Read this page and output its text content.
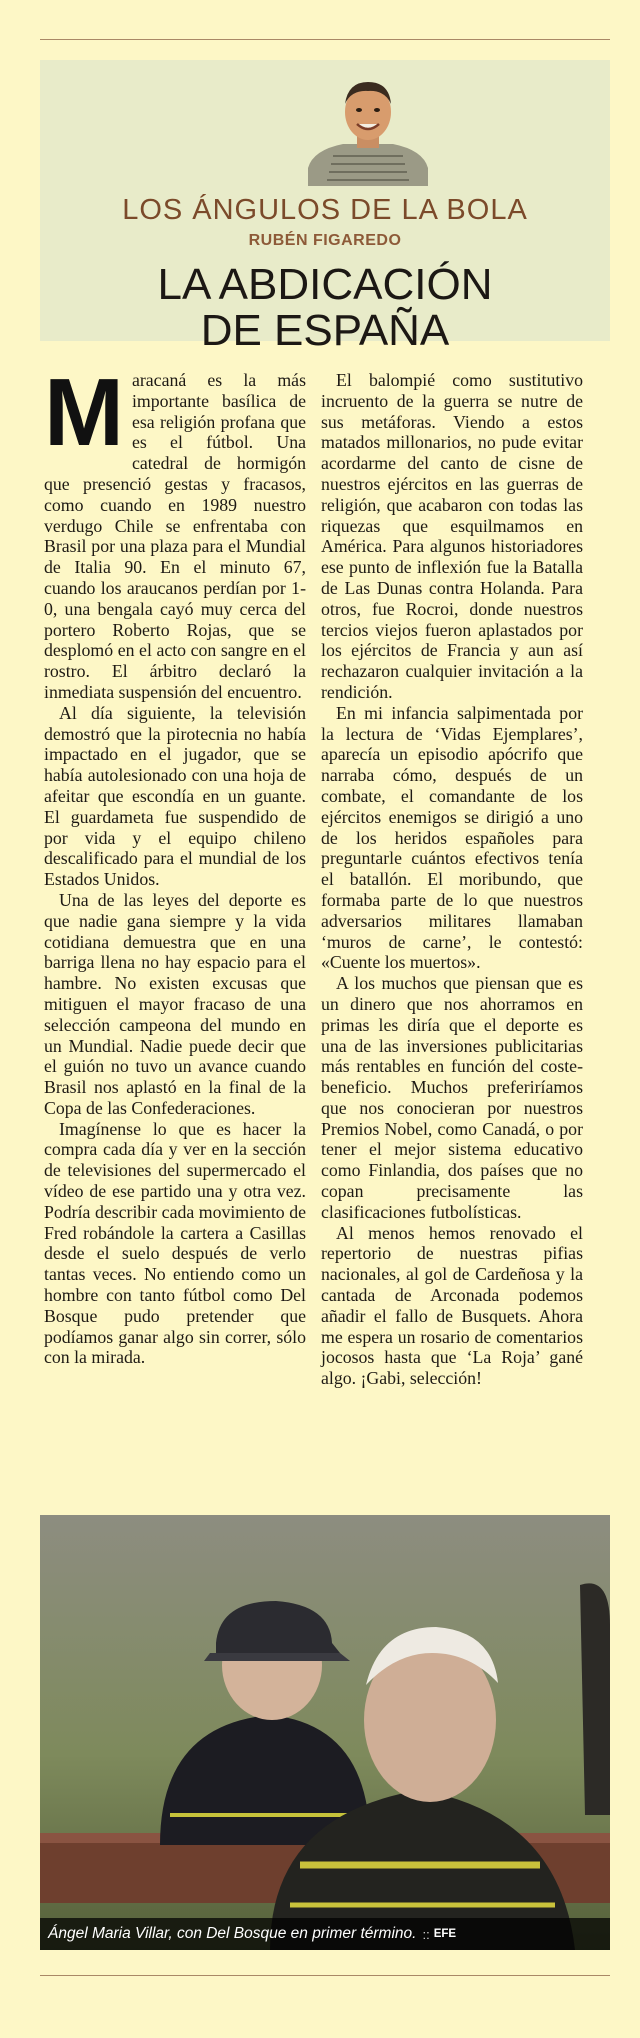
LOS ÁNGULOS DE LA BOLA
RUBÉN FIGAREDO
LA ABDICACIÓN
DE ESPAÑA

Maracaná es la más importante basílica de esa religión profana que es el fútbol. Una catedral de hormigón que presenció gestas y fracasos, como cuando en 1989 nuestro verdugo Chile se enfrentaba con Brasil por una plaza para el Mundial de Italia 90. En el minuto 67, cuando los araucanos perdían por 1-0, una bengala cayó muy cerca del portero Roberto Rojas, que se desplomó en el acto con sangre en el rostro. El árbitro declaró la inmediata suspensión del encuentro.

Al día siguiente, la televisión demostró que la pirotecnia no había impactado en el jugador, que se había autolesionado con una hoja de afeitar que escondía en un guante. El guardameta fue suspendido de por vida y el equipo chileno descalificado para el mundial de los Estados Unidos.

Una de las leyes del deporte es que nadie gana siempre y la vida cotidiana demuestra que en una barriga llena no hay espacio para el hambre. No existen excusas que mitiguen el mayor fracaso de una selección campeona del mundo en un Mundial. Nadie puede decir que el guión no tuvo un avance cuando Brasil nos aplastó en la final de la Copa de las Confederaciones.

Imagínense lo que es hacer la compra cada día y ver en la sección de televisiones del supermercado el vídeo de ese partido una y otra vez. Podría describir cada movimiento de Fred robándole la cartera a Casillas desde el suelo después de verlo tantas veces. No entiendo como un hombre con tanto fútbol como Del Bosque pudo pretender que podíamos ganar algo sin correr, sólo con la mirada.

El balompié como sustitutivo incruento de la guerra se nutre de sus metáforas. Viendo a estos matados millonarios, no pude evitar acordarme del canto de cisne de nuestros ejércitos en las guerras de religión, que acabaron con todas las riquezas que esquilmamos en América. Para algunos historiadores ese punto de inflexión fue la Batalla de Las Dunas contra Holanda. Para otros, fue Rocroi, donde nuestros tercios viejos fueron aplastados por los ejércitos de Francia y aun así rechazaron cualquier invitación a la rendición.

En mi infancia salpimentada por la lectura de ‘Vidas Ejemplares’, aparecía un episodio apócrifo que narraba cómo, después de un combate, el comandante de los ejércitos enemigos se dirigió a uno de los heridos españoles para preguntarle cuántos efectivos tenía el batallón. El moribundo, que formaba parte de lo que nuestros adversarios militares llamaban ‘muros de carne’, le contestó: «Cuente los muertos».

A los muchos que piensan que es un dinero que nos ahorramos en primas les diría que el deporte es una de las inversiones publicitarias más rentables en función del coste-beneficio. Muchos preferiríamos que nos conocieran por nuestros Premios Nobel, como Canadá, o por tener el mejor sistema educativo como Finlandia, dos países que no copan precisamente las clasificaciones futbolísticas.

Al menos hemos renovado el repertorio de nuestras pifias nacionales, al gol de Cardeñosa y la cantada de Arconada podemos añadir el fallo de Busquets. Ahora me espera un rosario de comentarios jocosos hasta que ‘La Roja’ gané algo. ¡Gabi, selección!

Ángel Maria Villar, con Del Bosque en primer término. :: EFE
